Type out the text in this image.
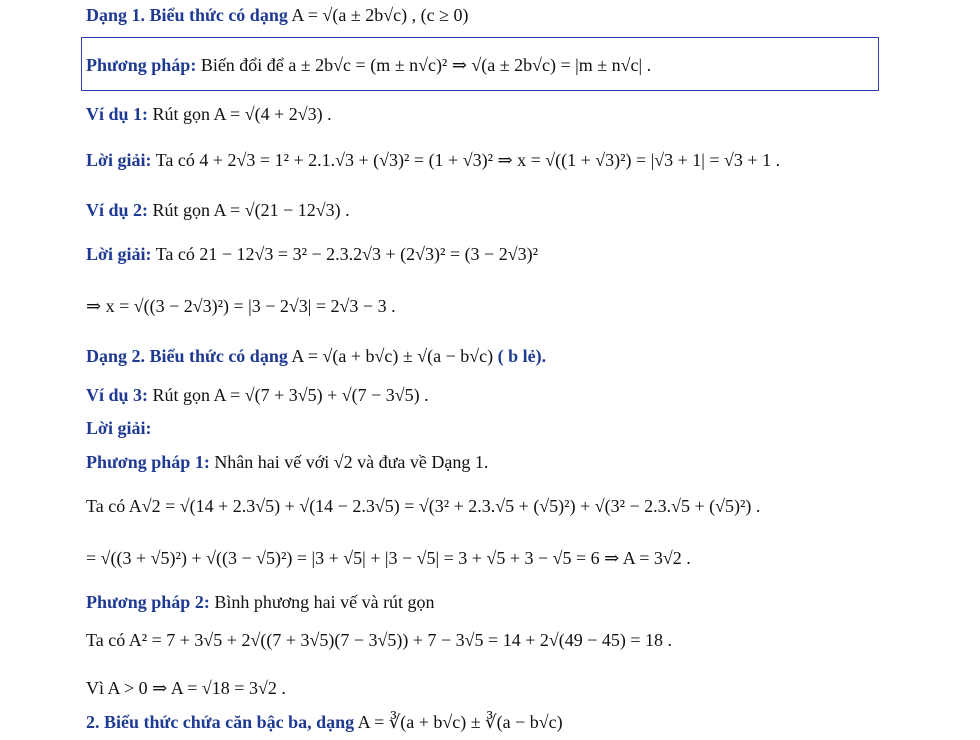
Dạng 1. Biểu thức có dạng A = √(a ± 2b√c) , (c ≥ 0)
Phương pháp: Biến đổi để a ± 2b√c = (m ± n√c)² ⇒ √(a ± 2b√c) = |m ± n√c| .
Ví dụ 1: Rút gọn A = √(4 + 2√3) .
Lời giải: Ta có 4 + 2√3 = 1² + 2.1.√3 + (√3)² = (1 + √3)² ⇒ x = √((1 + √3)²) = |√3 + 1| = √3 + 1 .
Ví dụ 2: Rút gọn A = √(21 − 12√3) .
Lời giải: Ta có 21 − 12√3 = 3² − 2.3.2√3 + (2√3)² = (3 − 2√3)²
⇒ x = √((3 − 2√3)²) = |3 − 2√3| = 2√3 − 3 .
Dạng 2. Biểu thức có dạng A = √(a + b√c) ± √(a − b√c) ( b lẻ).
Ví dụ 3: Rút gọn A = √(7 + 3√5) + √(7 − 3√5) .
Lời giải:
Phương pháp 1: Nhân hai vế với √2 và đưa về Dạng 1.
Ta có A√2 = √(14 + 2.3√5) + √(14 − 2.3√5) = √(3² + 2.3.√5 + (√5)²) + √(3² − 2.3.√5 + (√5)²) .
= √((3 + √5)²) + √((3 − √5)²) = |3 + √5| + |3 − √5| = 3 + √5 + 3 − √5 = 6 ⇒ A = 3√2 .
Phương pháp 2: Bình phương hai vế và rút gọn
Ta có A² = 7 + 3√5 + 2√((7 + 3√5)(7 − 3√5)) + 7 − 3√5 = 14 + 2√(49 − 45) = 18 .
Vì A > 0 ⇒ A = √18 = 3√2 .
2. Biểu thức chứa căn bậc ba, dạng A = ∛(a + b√c) ± ∛(a − b√c)
